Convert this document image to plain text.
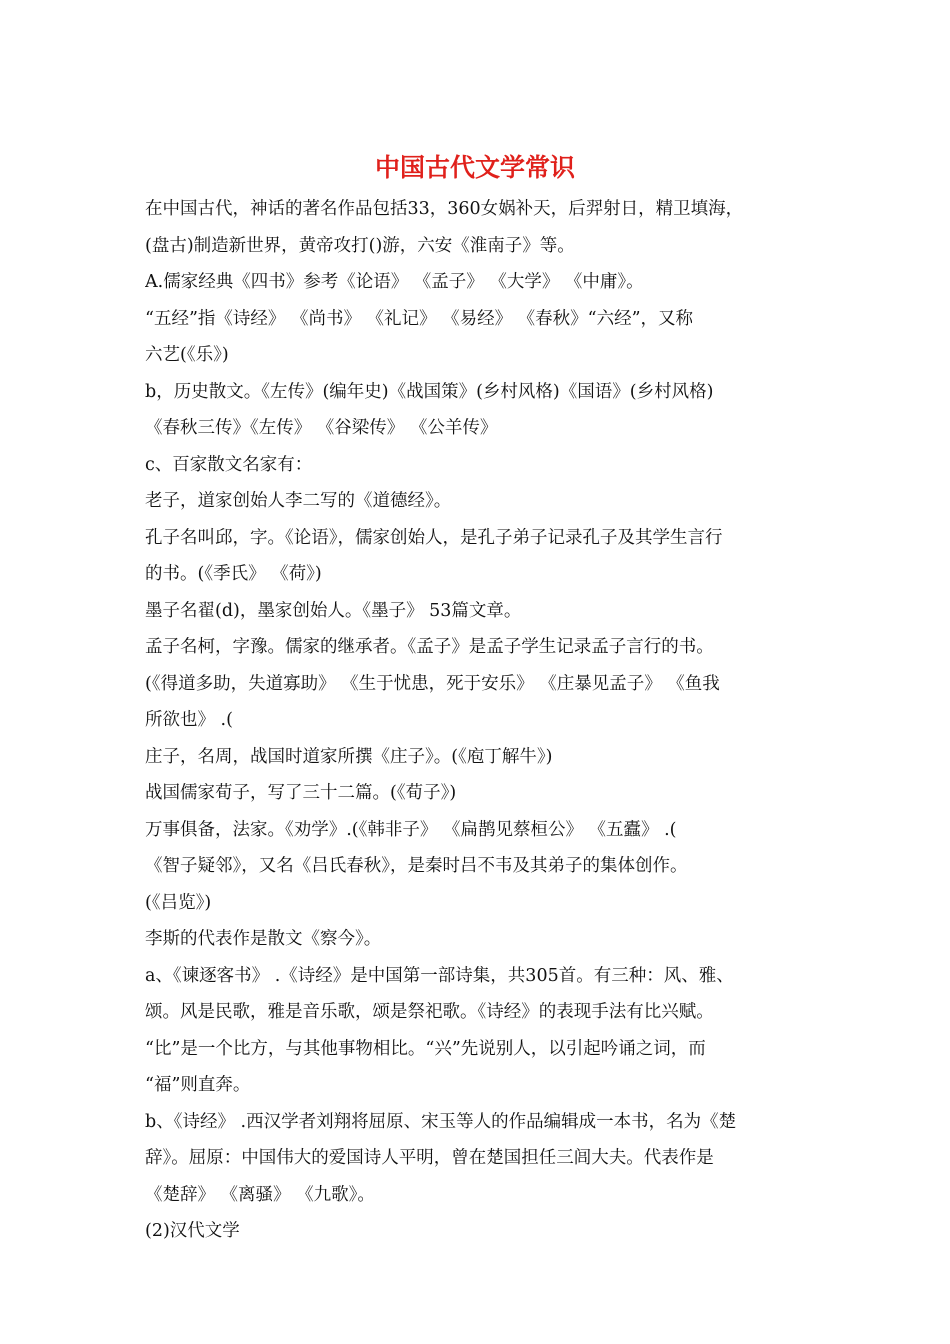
中国古代文学常识
在中国古代，神话的著名作品包括33，360女娲补天，后羿射日，精卫填海，
(盘古)制造新世界，黄帝攻打()游，六安《淮南子》等。
A.儒家经典《四书》参考《论语》 《孟子》 《大学》 《中庸》。
“五经”指《诗经》 《尚书》 《礼记》 《易经》 《春秋》“六经”，又称
六艺(《乐》)
b，历史散文。《左传》(编年史)《战国策》(乡村风格)《国语》(乡村风格)
《春秋三传》《左传》 《谷梁传》 《公羊传》
c、百家散文名家有：
老子，道家创始人李二写的《道德经》。
孔子名叫邱，字。《论语》，儒家创始人，是孔子弟子记录孔子及其学生言行
的书。(《季氏》 《荷》)
墨子名翟(d)，墨家创始人。《墨子》 53篇文章。
孟子名柯，字豫。儒家的继承者。《孟子》是孟子学生记录孟子言行的书。
(《得道多助，失道寡助》 《生于忧患，死于安乐》 《庄暴见孟子》 《鱼我
所欲也》 .(
庄子，名周，战国时道家所撰《庄子》。(《庖丁解牛》)
战国儒家荀子，写了三十二篇。(《荀子》)
万事俱备，法家。《劝学》.(《韩非子》 《扁鹊见蔡桓公》 《五蠹》 .(
《智子疑邻》，又名《吕氏春秋》，是秦时吕不韦及其弟子的集体创作。
(《吕览》)
李斯的代表作是散文《察今》。
a、《谏逐客书》 .《诗经》是中国第一部诗集，共305首。有三种：风、雅、
颂。风是民歌，雅是音乐歌，颂是祭祀歌。《诗经》的表现手法有比兴赋。
“比”是一个比方，与其他事物相比。“兴”先说别人，以引起吟诵之词，而
“福”则直奔。
b、《诗经》 .西汉学者刘翔将屈原、宋玉等人的作品编辑成一本书，名为《楚
辞》。屈原：中国伟大的爱国诗人平明，曾在楚国担任三闾大夫。代表作是
《楚辞》 《离骚》 《九歌》。
(2)汉代文学
